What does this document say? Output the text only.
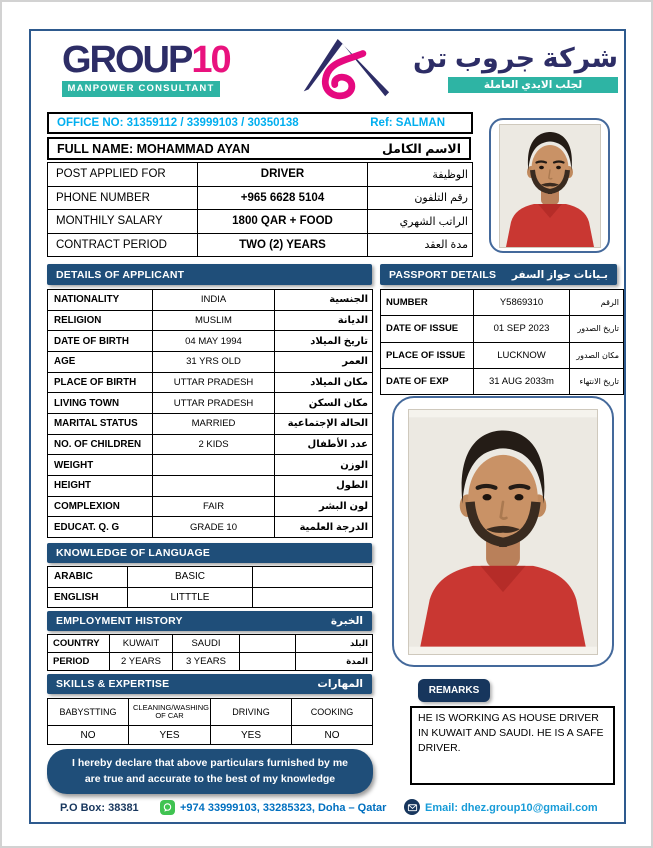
GROUP10
MANPOWER CONSULTANT
شركة جروب تن
لجلب الايدي العاملة
OFFICE NO: 31359112 / 33999103 / 30350138	Ref: SALMAN
FULL NAME: MOHAMMAD AYAN	الاسم الكامل
POST APPLIED FOR	DRIVER	الوظيفة
PHONE NUMBER	+965 6628 5104	رقم التلفون
MONTHILY SALARY	1800 QAR + FOOD	الراتب الشهري
CONTRACT PERIOD	TWO (2) YEARS	مدة العقد
DETAILS OF APPLICANT
NATIONALITY	INDIA	الجنسية
RELIGION	MUSLIM	الديانة
DATE OF BIRTH	04 MAY 1994	تاريخ الميلاد
AGE	31 YRS OLD	العمر
PLACE OF BIRTH	UTTAR PRADESH	مكان الميلاد
LIVING TOWN	UTTAR PRADESH	مكان السكن
MARITAL STATUS	MARRIED	الحالة الإجتماعية
NO. OF CHILDREN	2 KIDS	عدد الأطفال
WEIGHT		الوزن
HEIGHT		الطول
COMPLEXION	FAIR	لون البشر
EDUCAT. Q. G	GRADE 10	الدرجة العلمية
PASSPORT DETAILS بـيانات جواز السفر
NUMBER	Y5869310	الرقم
DATE OF ISSUE	01 SEP 2023	تاريخ الصدور
PLACE OF ISSUE	LUCKNOW	مكان الصدور
DATE OF EXP	31 AUG 2033m	تاريخ الانتهاء
KNOWLEDGE OF LANGUAGE
ARABIC	BASIC	
ENGLISH	LITTTLE	
EMPLOYMENT HISTORY	الخبرة
COUNTRY	KUWAIT	SAUDI		البلد
PERIOD	2 YEARS	3 YEARS		المدة
SKILLS & EXPERTISE	المهارات
BABYSTTING	CLEANING/WASHING OF CAR	DRIVING	COOKING
NO	YES	YES	NO
REMARKS
HE IS WORKING AS HOUSE DRIVER IN KUWAIT AND SAUDI. HE IS A SAFE DRIVER.
I hereby declare that above particulars furnished by me are true and accurate to the best of my knowledge
P.O Box: 38381	+974 33999103, 33285323, Doha – Qatar	Email: dhez.group10@gmail.com
